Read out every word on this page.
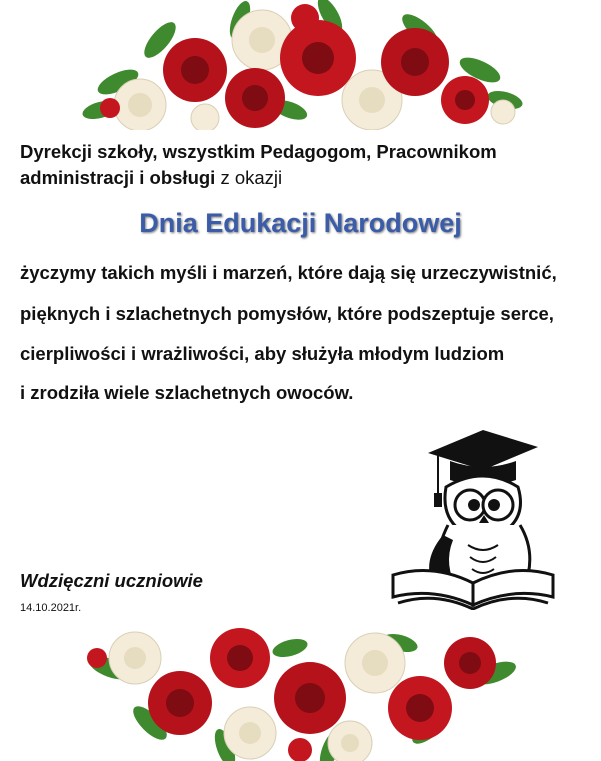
Dyrekcji szkoły, wszystkim Pedagogom, Pracownikom
administracji i obsługi z okazji
Dnia Edukacji Narodowej
życzymy takich myśli i marzeń, które dają się urzeczywistnić,
pięknych i szlachetnych pomysłów, które podszeptuje serce,
cierpliwości i wrażliwości, aby służyła młodym ludziom
i zrodziła wiele szlachetnych owoców.
Wdzięczni uczniowie
14.10.2021r.
